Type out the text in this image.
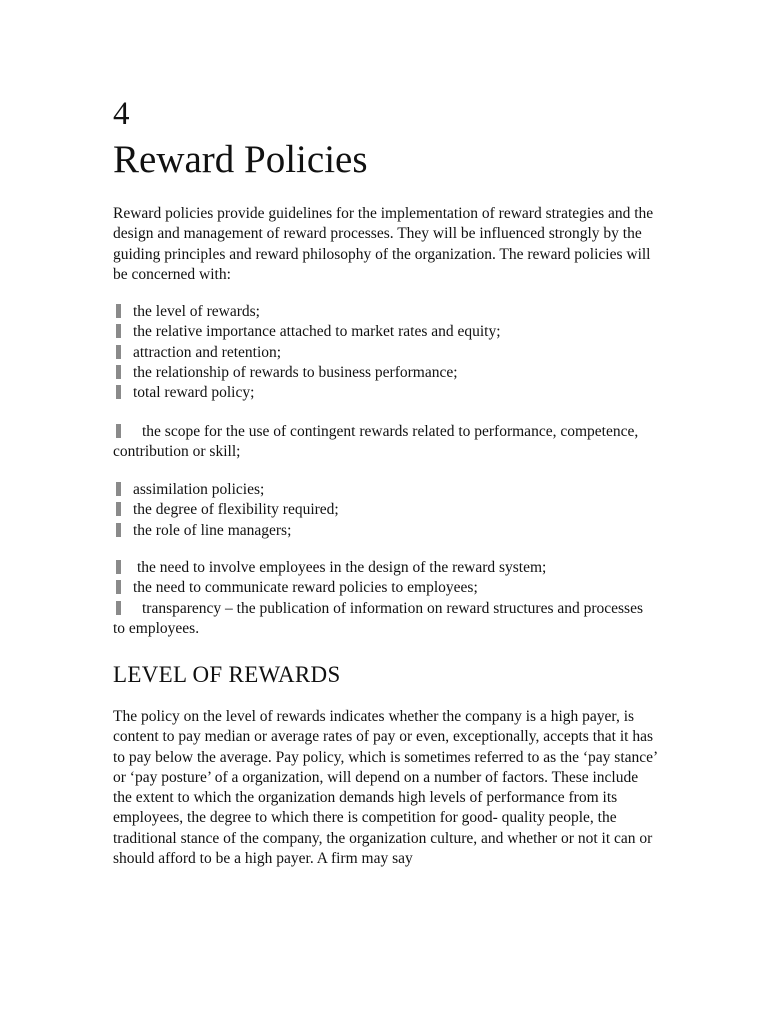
4
Reward Policies

Reward policies provide guidelines for the implementation of reward strategies and the design and management of reward processes. They will be influenced strongly by the guiding principles and reward philosophy of the organization. The reward policies will be concerned with:

the level of rewards;
the relative importance attached to market rates and equity;
attraction and retention;
the relationship of rewards to business performance;
total reward policy;
the scope for the use of contingent rewards related to performance, competence, contribution or skill;
assimilation policies;
the degree of flexibility required;
the role of line managers;
the need to involve employees in the design of the reward system;
the need to communicate reward policies to employees;
transparency – the publication of information on reward structures and processes to employees.
LEVEL OF REWARDS

The policy on the level of rewards indicates whether the company is a high payer, is content to pay median or average rates of pay or even, exceptionally, accepts that it has to pay below the average. Pay policy, which is sometimes referred to as the ‘pay stance’ or ‘pay posture’ of a organization, will depend on a number of factors. These include the extent to which the organization demands high levels of performance from its employees, the degree to which there is competition for good- quality people, the traditional stance of the company, the organization culture, and whether or not it can or should afford to be a high payer. A firm may say
